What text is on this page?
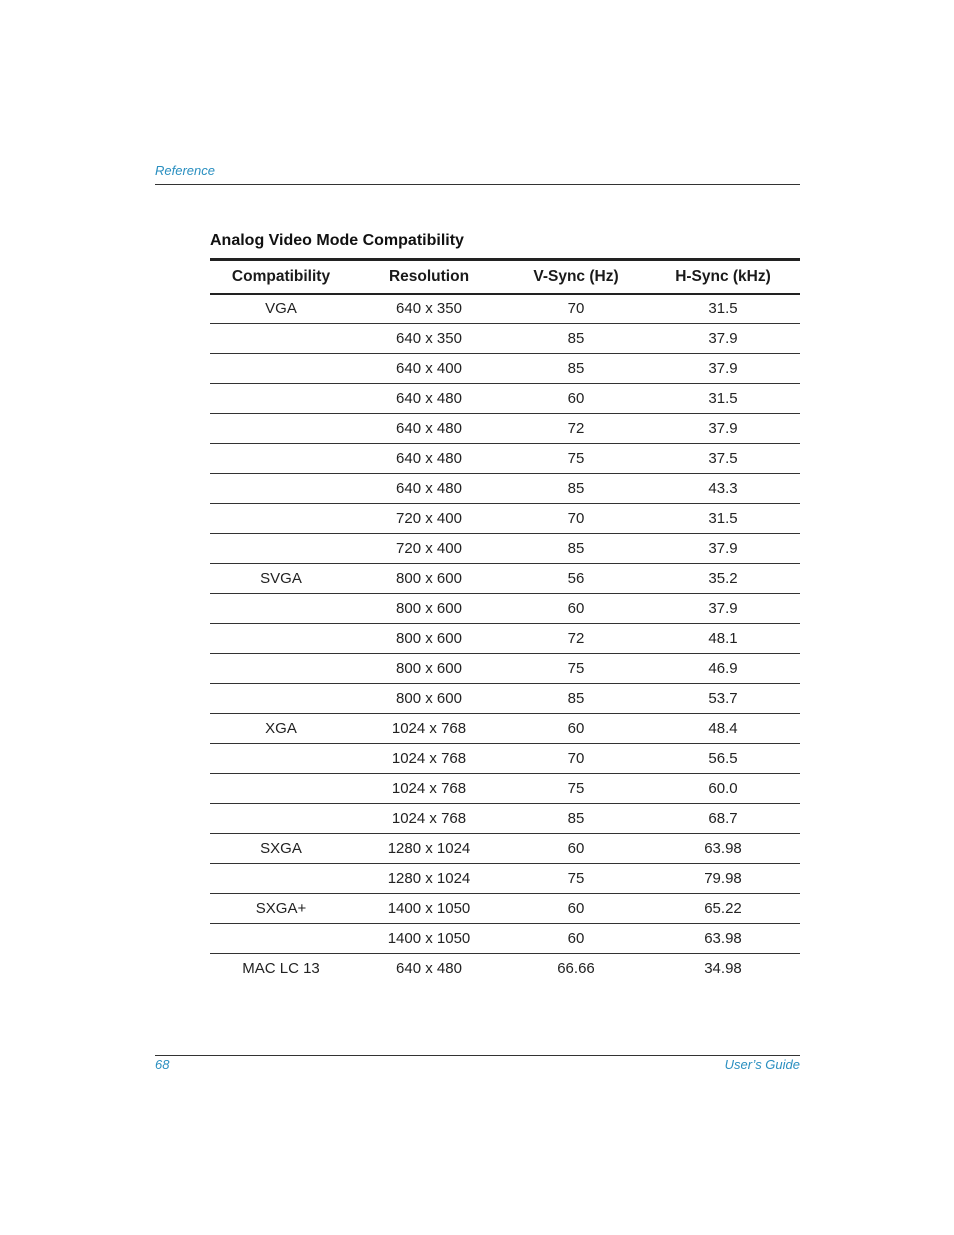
Reference
Analog Video Mode Compatibility
Compatibility	Resolution	V-Sync (Hz)	H-Sync (kHz)
VGA	640 x 350	70	31.5
	640 x 350	85	37.9
	640 x 400	85	37.9
	640 x 480	60	31.5
	640 x 480	72	37.9
	640 x 480	75	37.5
	640 x 480	85	43.3
	720 x 400	70	31.5
	720 x 400	85	37.9
SVGA	800 x 600	56	35.2
	800 x 600	60	37.9
	800 x 600	72	48.1
	800 x 600	75	46.9
	800 x 600	85	53.7
XGA	1024 x 768	60	48.4
	1024 x 768	70	56.5
	1024 x 768	75	60.0
	1024 x 768	85	68.7
SXGA	1280 x 1024	60	63.98
	1280 x 1024	75	79.98
SXGA+	1400 x 1050	60	65.22
	1400 x 1050	60	63.98
MAC LC 13	640 x 480	66.66	34.98
68	User’s Guide
